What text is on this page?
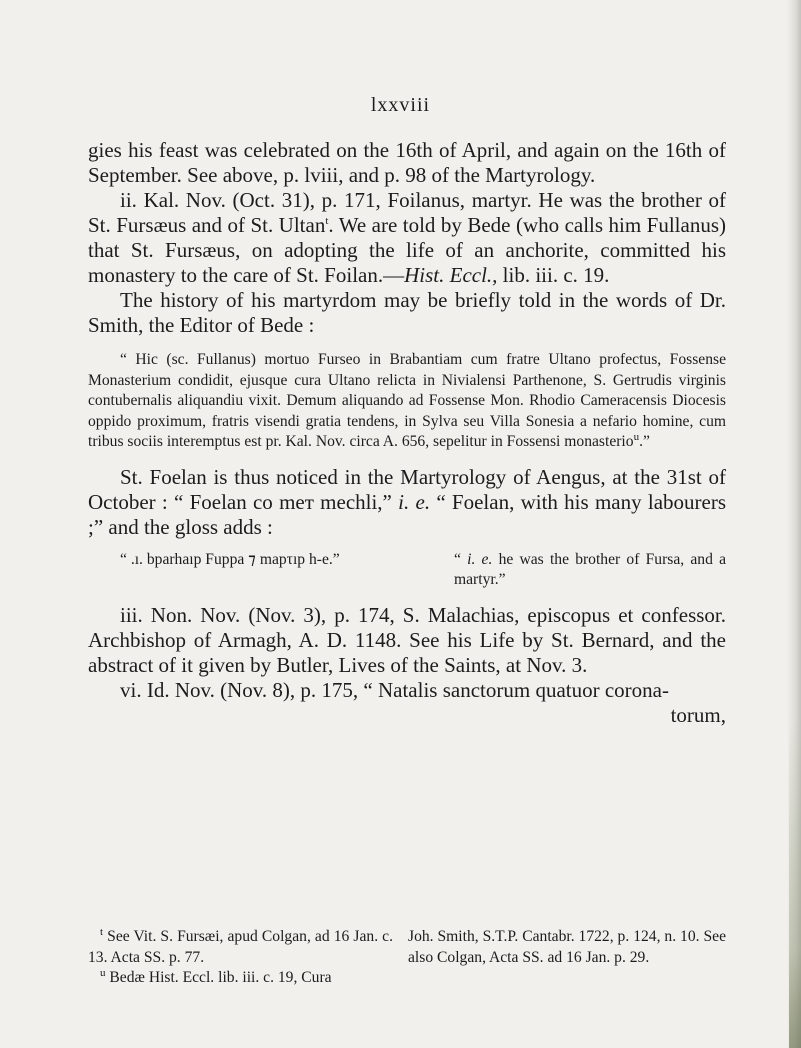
lxxviii

gies his feast was celebrated on the 16th of April, and again on the 16th of September. See above, p. lviii, and p. 98 of the Martyrology.

ii. Kal. Nov. (Oct. 31), p. 171, Foilanus, martyr. He was the brother of St. Fursæus and of St. Ultan$^t$. We are told by Bede (who calls him Fullanus) that St. Fursæus, on adopting the life of an anchorite, committed his monastery to the care of St. Foilan.—Hist. Eccl., lib. iii. c. 19.

The history of his martyrdom may be briefly told in the words of Dr. Smith, the Editor of Bede :

“ Hic (sc. Fullanus) mortuo Furseo in Brabantiam cum fratre Ultano profectus, Fossense Monasterium condidit, ejusque cura Ultano relicta in Nivialensi Parthenone, S. Gertrudis virginis contubernalis aliquandiu vixit. Demum aliquando ad Fossense Mon. Rhodio Cameracensis Diocesis oppido proximum, fratris visendi gratia tendens, in Sylva seu Villa Sonesia a nefario homine, cum tribus sociis interemptus est pr. Kal. Nov. circa A. 656, sepelitur in Fossensi monasterio$^u$.”

St. Foelan is thus noticed in the Martyrology of Aengus, at the 31st of October : “ Foelan co meт mechli,” i. e. “ Foelan, with his many labourers ;” and the gloss adds :

“ .ı. bparhaıp Fuppa ⁊ mapτıp h-e.”	“ i. e. he was the brother of Fursa, and a martyr.”

iii. Non. Nov. (Nov. 3), p. 174, S. Malachias, episcopus et confessor. Archbishop of Armagh, A. D. 1148. See his Life by St. Bernard, and the abstract of it given by Butler, Lives of the Saints, at Nov. 3.

vi. Id. Nov. (Nov. 8), p. 175, “ Natalis sanctorum quatuor corona-

torum,

$^t$ See Vit. S. Fursæi, apud Colgan, ad 16 Jan. c. 13. Acta SS. p. 77.

$^u$ Bedæ Hist. Eccl. lib. iii. c. 19, Cura

Joh. Smith, S.T.P. Cantabr. 1722, p. 124, n. 10. See also Colgan, Acta SS. ad 16 Jan. p. 29.
